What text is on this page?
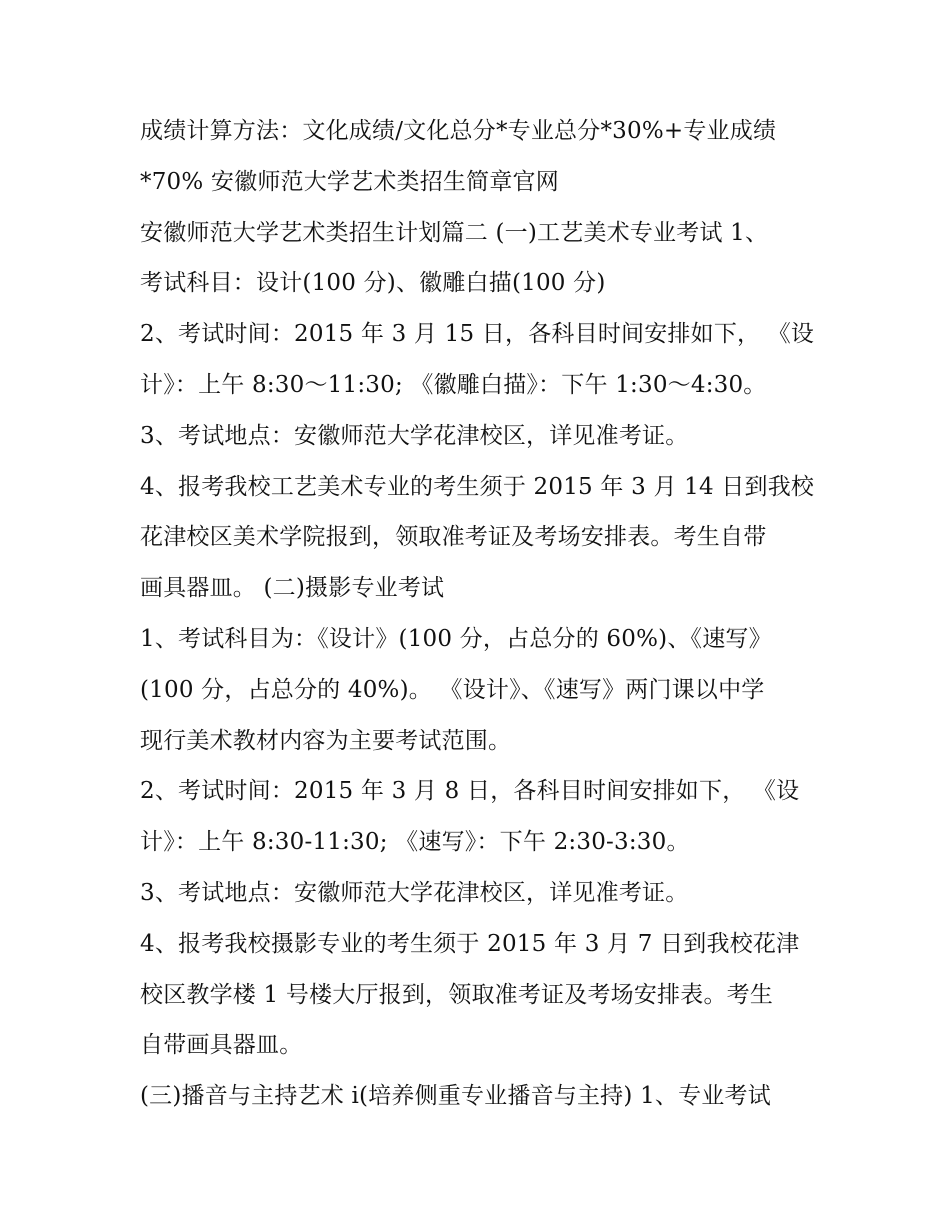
成绩计算方法：文化成绩/文化总分*专业总分*30%+专业成绩
*70% 安徽师范大学艺术类招生简章官网
安徽师范大学艺术类招生计划篇二 (一)工艺美术专业考试 1、
考试科目：设计(100 分)、徽雕白描(100 分)
2、考试时间：2015 年 3 月 15 日，各科目时间安排如下， 《设
计》：上午 8:30～11:30; 《徽雕白描》：下午 1:30～4:30。
3、考试地点：安徽师范大学花津校区，详见准考证。
4、报考我校工艺美术专业的考生须于 2015 年 3 月 14 日到我校
花津校区美术学院报到，领取准考证及考场安排表。考生自带
画具器皿。 (二)摄影专业考试
1、考试科目为：《设计》(100 分，占总分的 60%)、《速写》
(100 分，占总分的 40%)。 《设计》、《速写》两门课以中学
现行美术教材内容为主要考试范围。
2、考试时间：2015 年 3 月 8 日，各科目时间安排如下， 《设
计》：上午 8:30-11:30; 《速写》：下午 2:30-3:30。
3、考试地点：安徽师范大学花津校区，详见准考证。
4、报考我校摄影专业的考生须于 2015 年 3 月 7 日到我校花津
校区教学楼 1 号楼大厅报到，领取准考证及考场安排表。考生
自带画具器皿。
(三)播音与主持艺术 i(培养侧重专业播音与主持) 1、专业考试
